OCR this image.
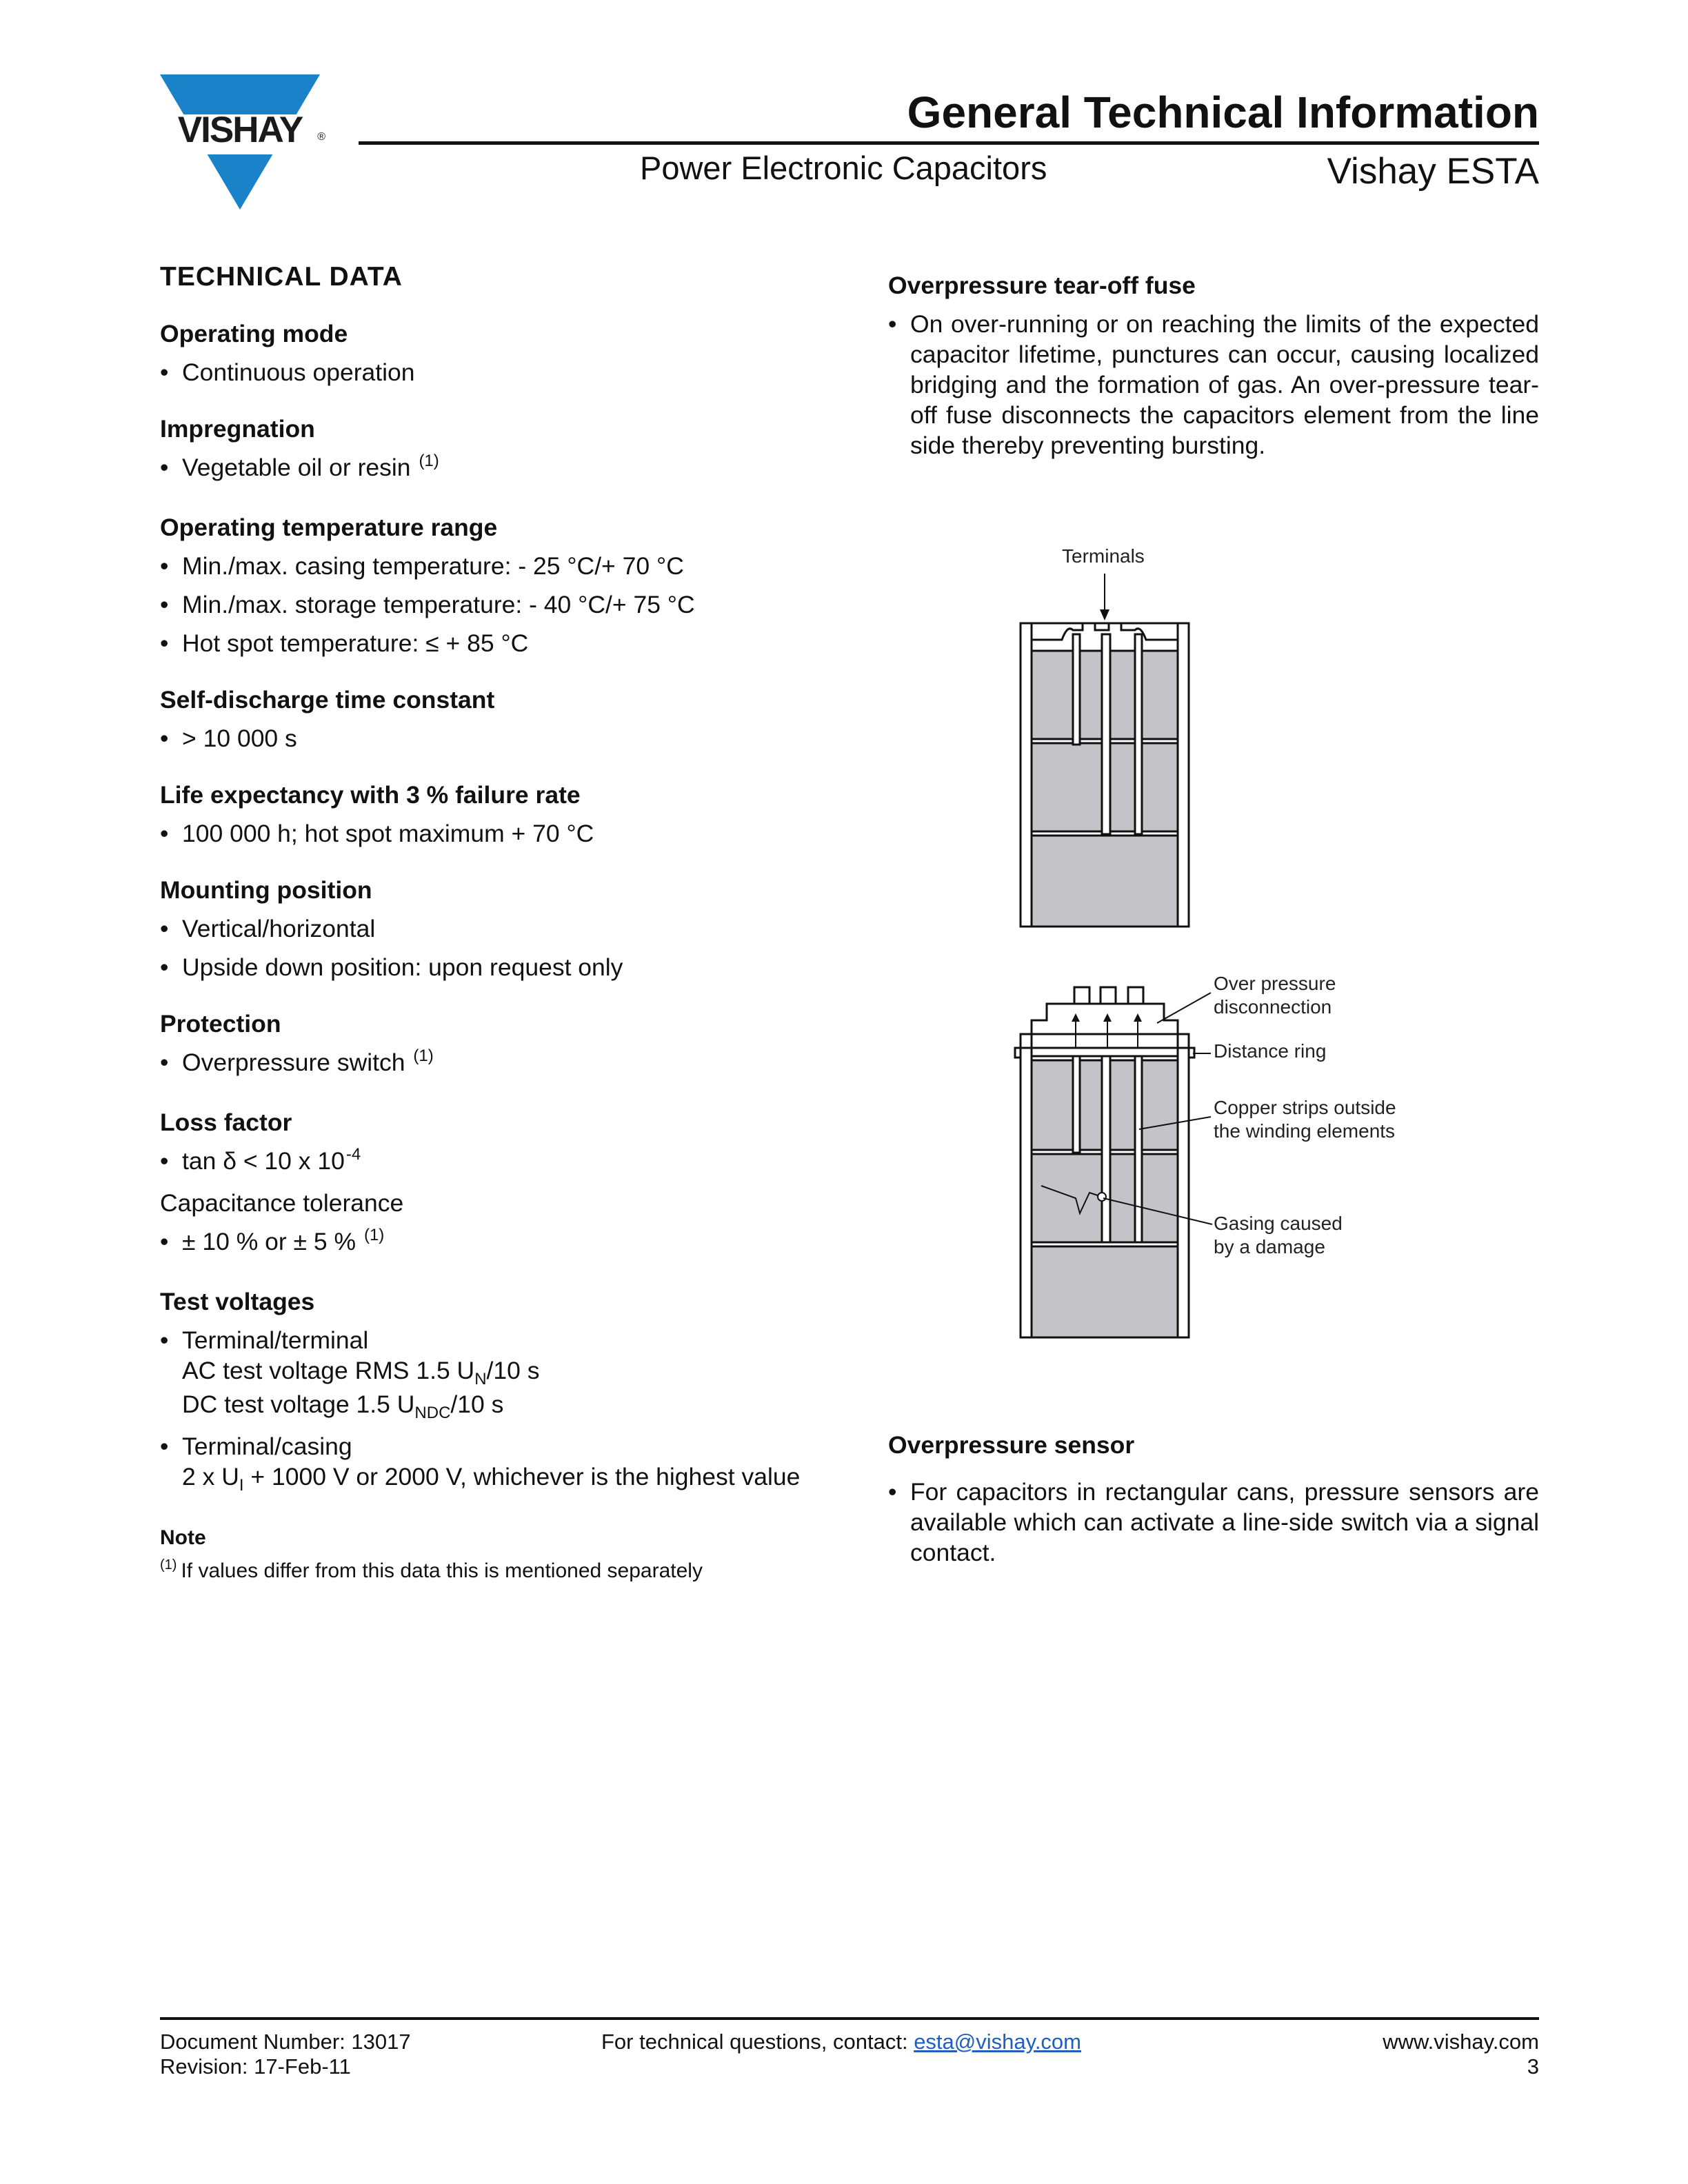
VISHAY	®	General Technical Information
Power Electronic Capacitors	Vishay ESTA
TECHNICAL DATA
Operating mode
• Continuous operation
Impregnation
• Vegetable oil or resin $^{(1)}$
Operating temperature range
• Min./max. casing temperature: - 25 °C/+ 70 °C
• Min./max. storage temperature: - 40 °C/+ 75 °C
• Hot spot temperature: ≤ + 85 °C
Self-discharge time constant
• > 10 000 s
Life expectancy with 3 % failure rate
• 100 000 h; hot spot maximum + 70 °C
Mounting position
• Vertical/horizontal
• Upside down position: upon request only
Protection
• Overpressure switch $^{(1)}$
Loss factor
• tan δ < 10 x $10^{-4}$
Capacitance tolerance
• ± 10 % or ± 5 % $^{(1)}$
Test voltages
• Terminal/terminal
AC test voltage RMS 1.5 $U_N/10$ s
DC test voltage 1.5 $U_{NDC}/10$ s
• Terminal/casing
2 x $U_I + 1000$ V or 2000 V, whichever is the highest value
Note
$^{(1)}$ If values differ from this data this is mentioned separately
Overpressure tear-off fuse
• On over-running or on reaching the limits of the expected capacitor lifetime, punctures can occur, causing localized bridging and the formation of gas. An over-pressure tear-off fuse disconnects the capacitors element from the line side thereby preventing bursting.
Terminals
Over pressure
disconnection
Distance ring
Copper strips outside
the winding elements
Gasing caused
by a damage
Overpressure sensor
• For capacitors in rectangular cans, pressure sensors are available which can activate a line-side switch via a signal contact.
Document Number: 13017
Revision: 17-Feb-11
For technical questions, contact: esta@vishay.com	www.vishay.com
3
